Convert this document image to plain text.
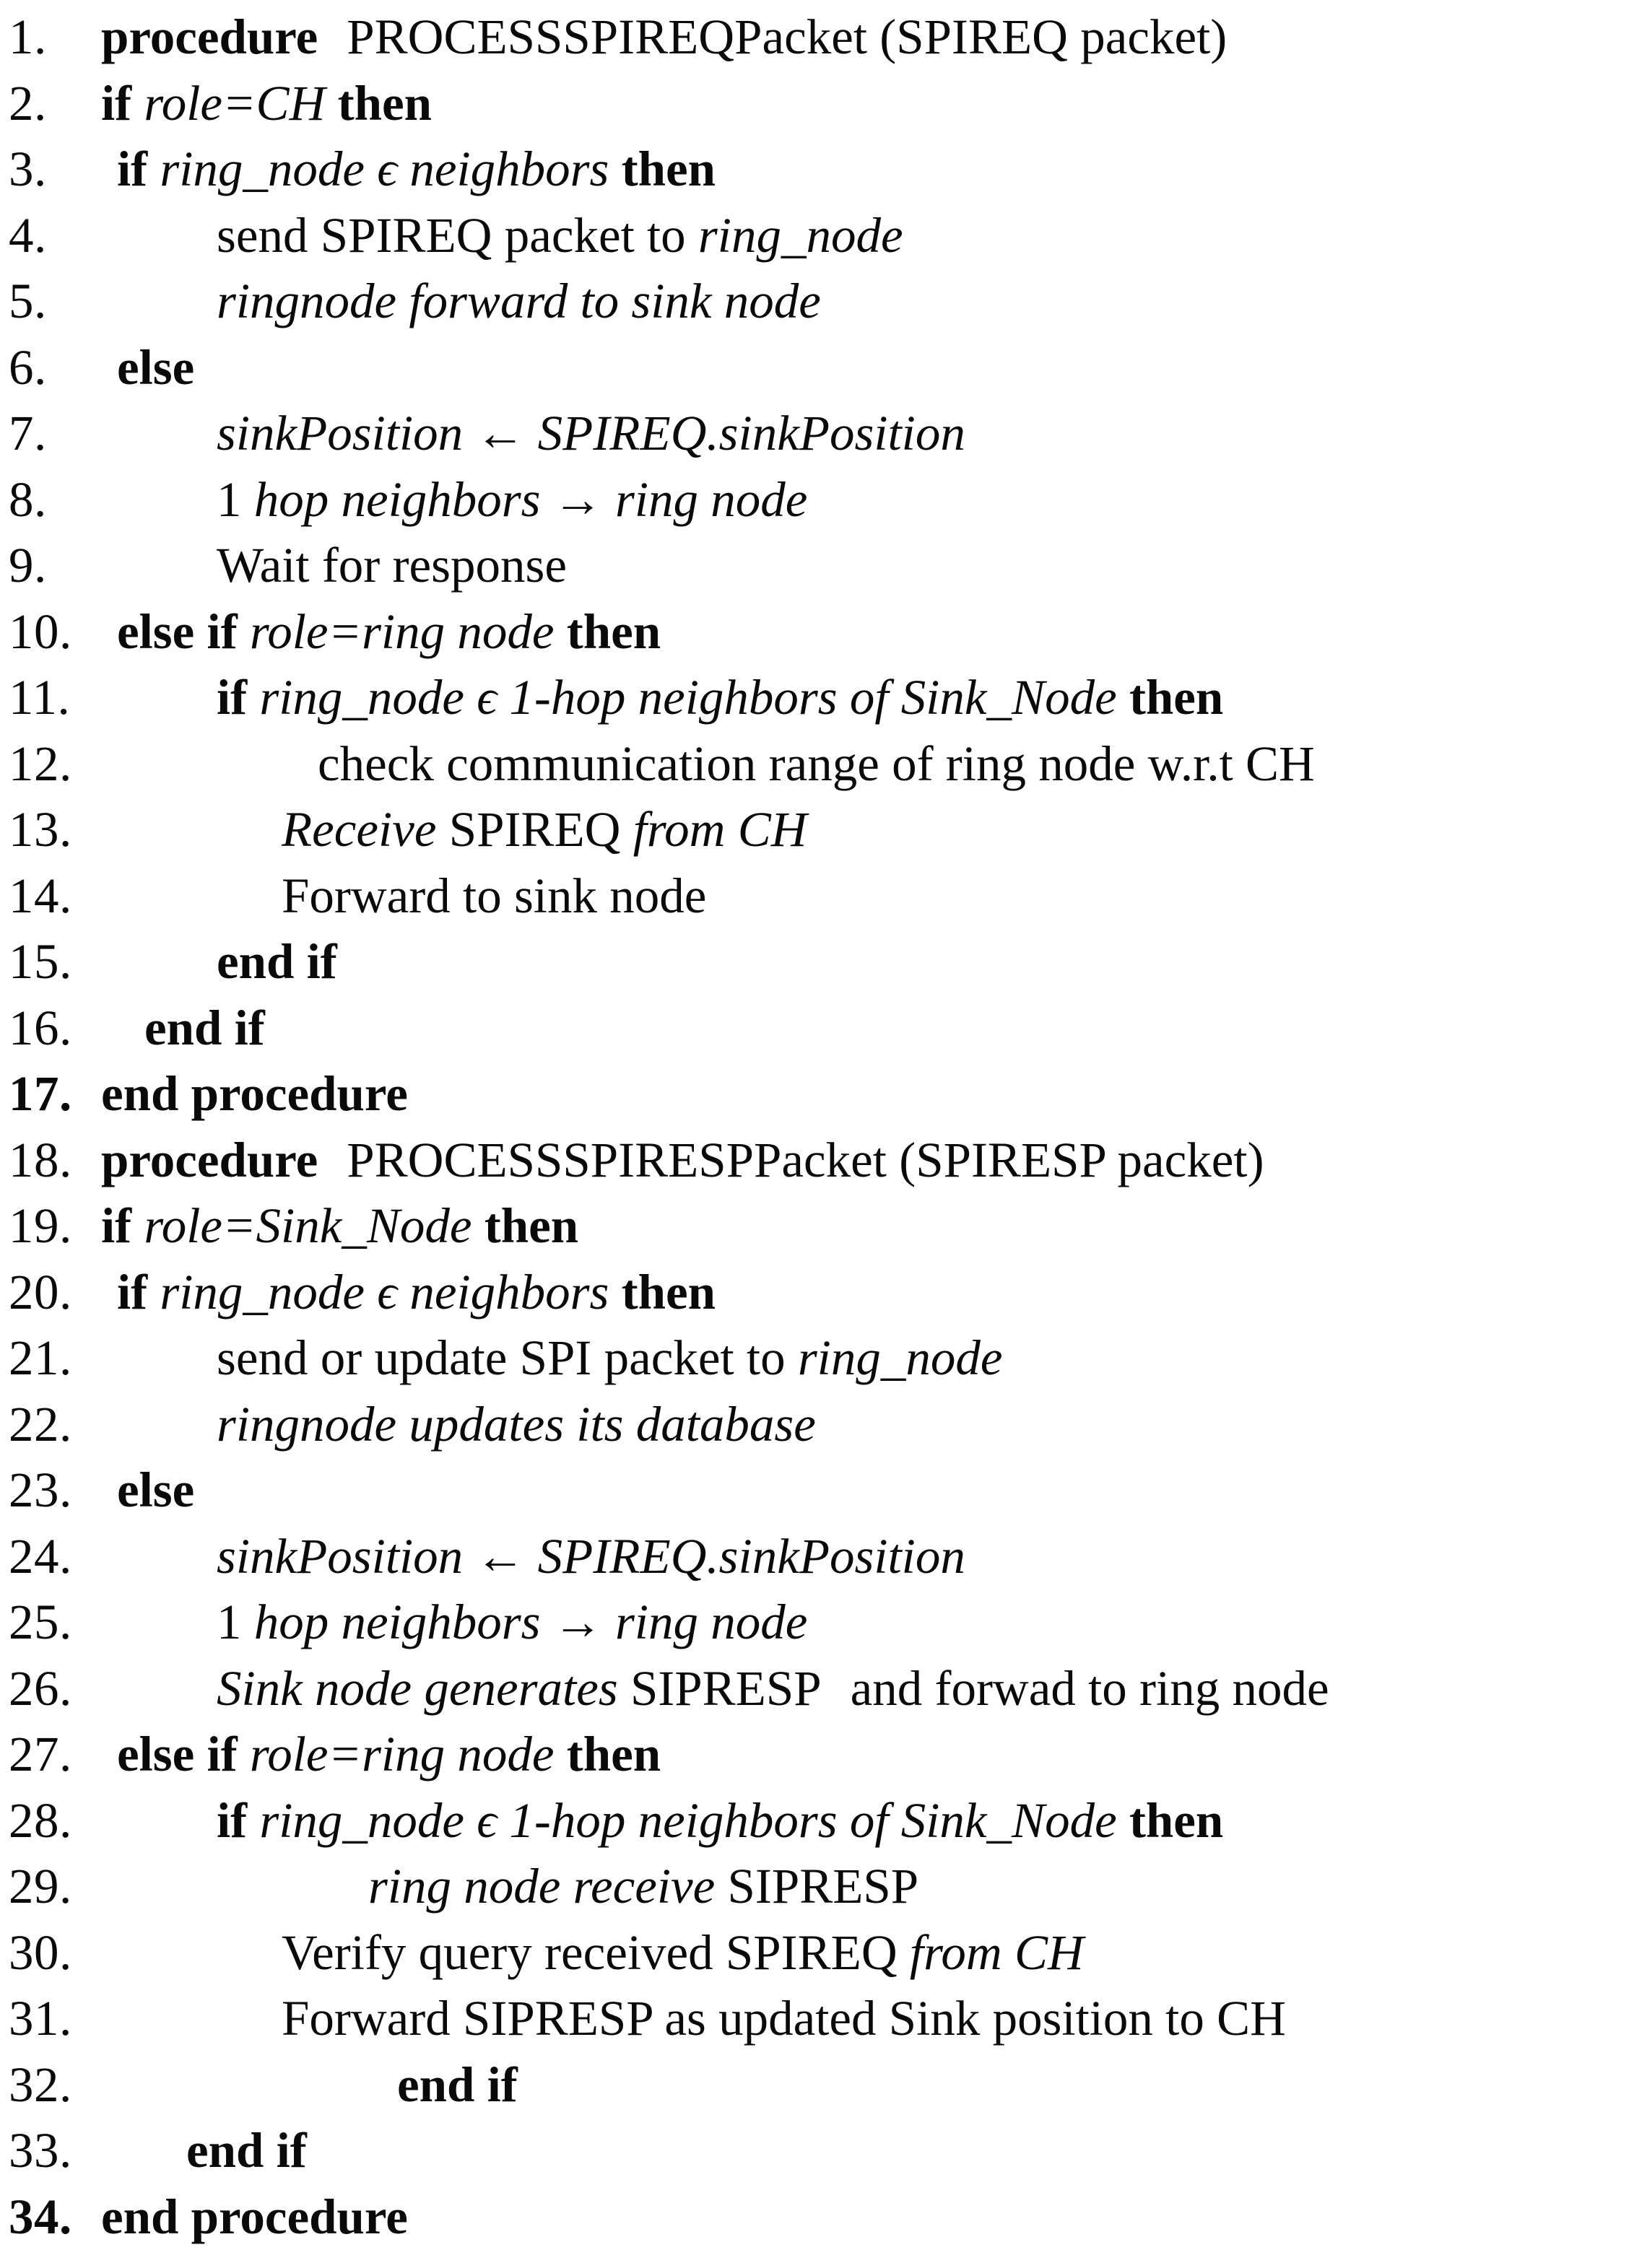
1.	procedure PROCESSSPIREQPacket (SPIREQ packet)
2.	if role=CH then
3.	if ring_node ϵ neighbors then
4.	send SPIREQ packet to ring_node
5.	ringnode forward to sink node
6.	else
7.	sinkPosition ← SPIREQ.sinkPosition
8.	1 hop neighbors → ring node
9.	Wait for response
10. else if role=ring node then
11.	if ring_node ϵ 1-hop neighbors of Sink_Node then
12.	check communication range of ring node w.r.t CH
13.	Receive SPIREQ from CH
14.	Forward to sink node
15.	end if
16.	end if
17. end procedure
18. procedure PROCESSSPIRESPPacket (SPIRESP packet)
19. if role=Sink_Node then
20. if ring_node ϵ neighbors then
21.	send or update SPI packet to ring_node
22.	ringnode updates its database
23. else
24.	sinkPosition ← SPIREQ.sinkPosition
25.	1 hop neighbors → ring node
26.	Sink node generates SIPRESP and forwad to ring node
27. else if role=ring node then
28.	if ring_node ϵ 1-hop neighbors of Sink_Node then
29.	ring node receive SIPRESP
30.	Verify query received SPIREQ from CH
31.	Forward SIPRESP as updated Sink position to CH
32.	end if
33.	end if
34. end procedure
